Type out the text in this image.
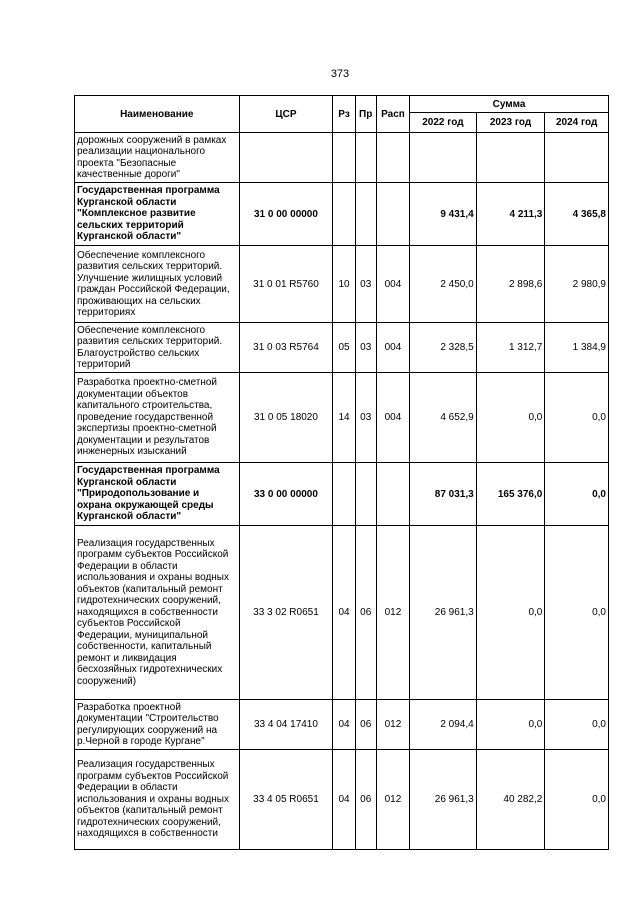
373
Наименование	ЦСР	Рз	Пр	Расп	Сумма		
					2022 год	2023 год	2024 год
дорожных сооружений в рамках реализации национального проекта "Безопасные качественные дороги"							
Государственная программа Курганской области "Комплексное развитие сельских территорий Курганской области"	31 0 00 00000				9 431,4	4 211,3	4 365,8
Обеспечение комплексного развития сельских территорий. Улучшение жилищных условий граждан Российской Федерации, проживающих на сельских территориях	31 0 01 R5760	10	03	004	2 450,0	2 898,6	2 980,9
Обеспечение комплексного развития сельских территорий. Благоустройство сельских территорий	31 0 03 R5764	05	03	004	2 328,5	1 312,7	1 384,9
Разработка проектно-сметной документации объектов капитального строительства, проведение государственной экспертизы проектно-сметной документации и результатов инженерных изысканий	31 0 05 18020	14	03	004	4 652,9	0,0	0,0
Государственная программа Курганской области "Природопользование и охрана окружающей среды Курганской области"	33 0 00 00000				87 031,3	165 376,0	0,0
Реализация государственных программ субъектов Российской Федерации в области использования и охраны водных объектов (капитальный ремонт гидротехнических сооружений, находящихся в собственности субъектов Российской Федерации, муниципальной собственности, капитальный ремонт и ликвидация бесхозяйных гидротехнических сооружений)	33 3 02 R0651	04	06	012	26 961,3	0,0	0,0
Разработка проектной документации "Строительство регулирующих сооружений на р.Черной в городе Кургане"	33 4 04 17410	04	06	012	2 094,4	0,0	0,0
Реализация государственных программ субъектов Российской Федерации в области использования и охраны водных объектов (капитальный ремонт гидротехнических сооружений, находящихся в собственности	33 4 05 R0651	04	06	012	26 961,3	40 282,2	0,0
